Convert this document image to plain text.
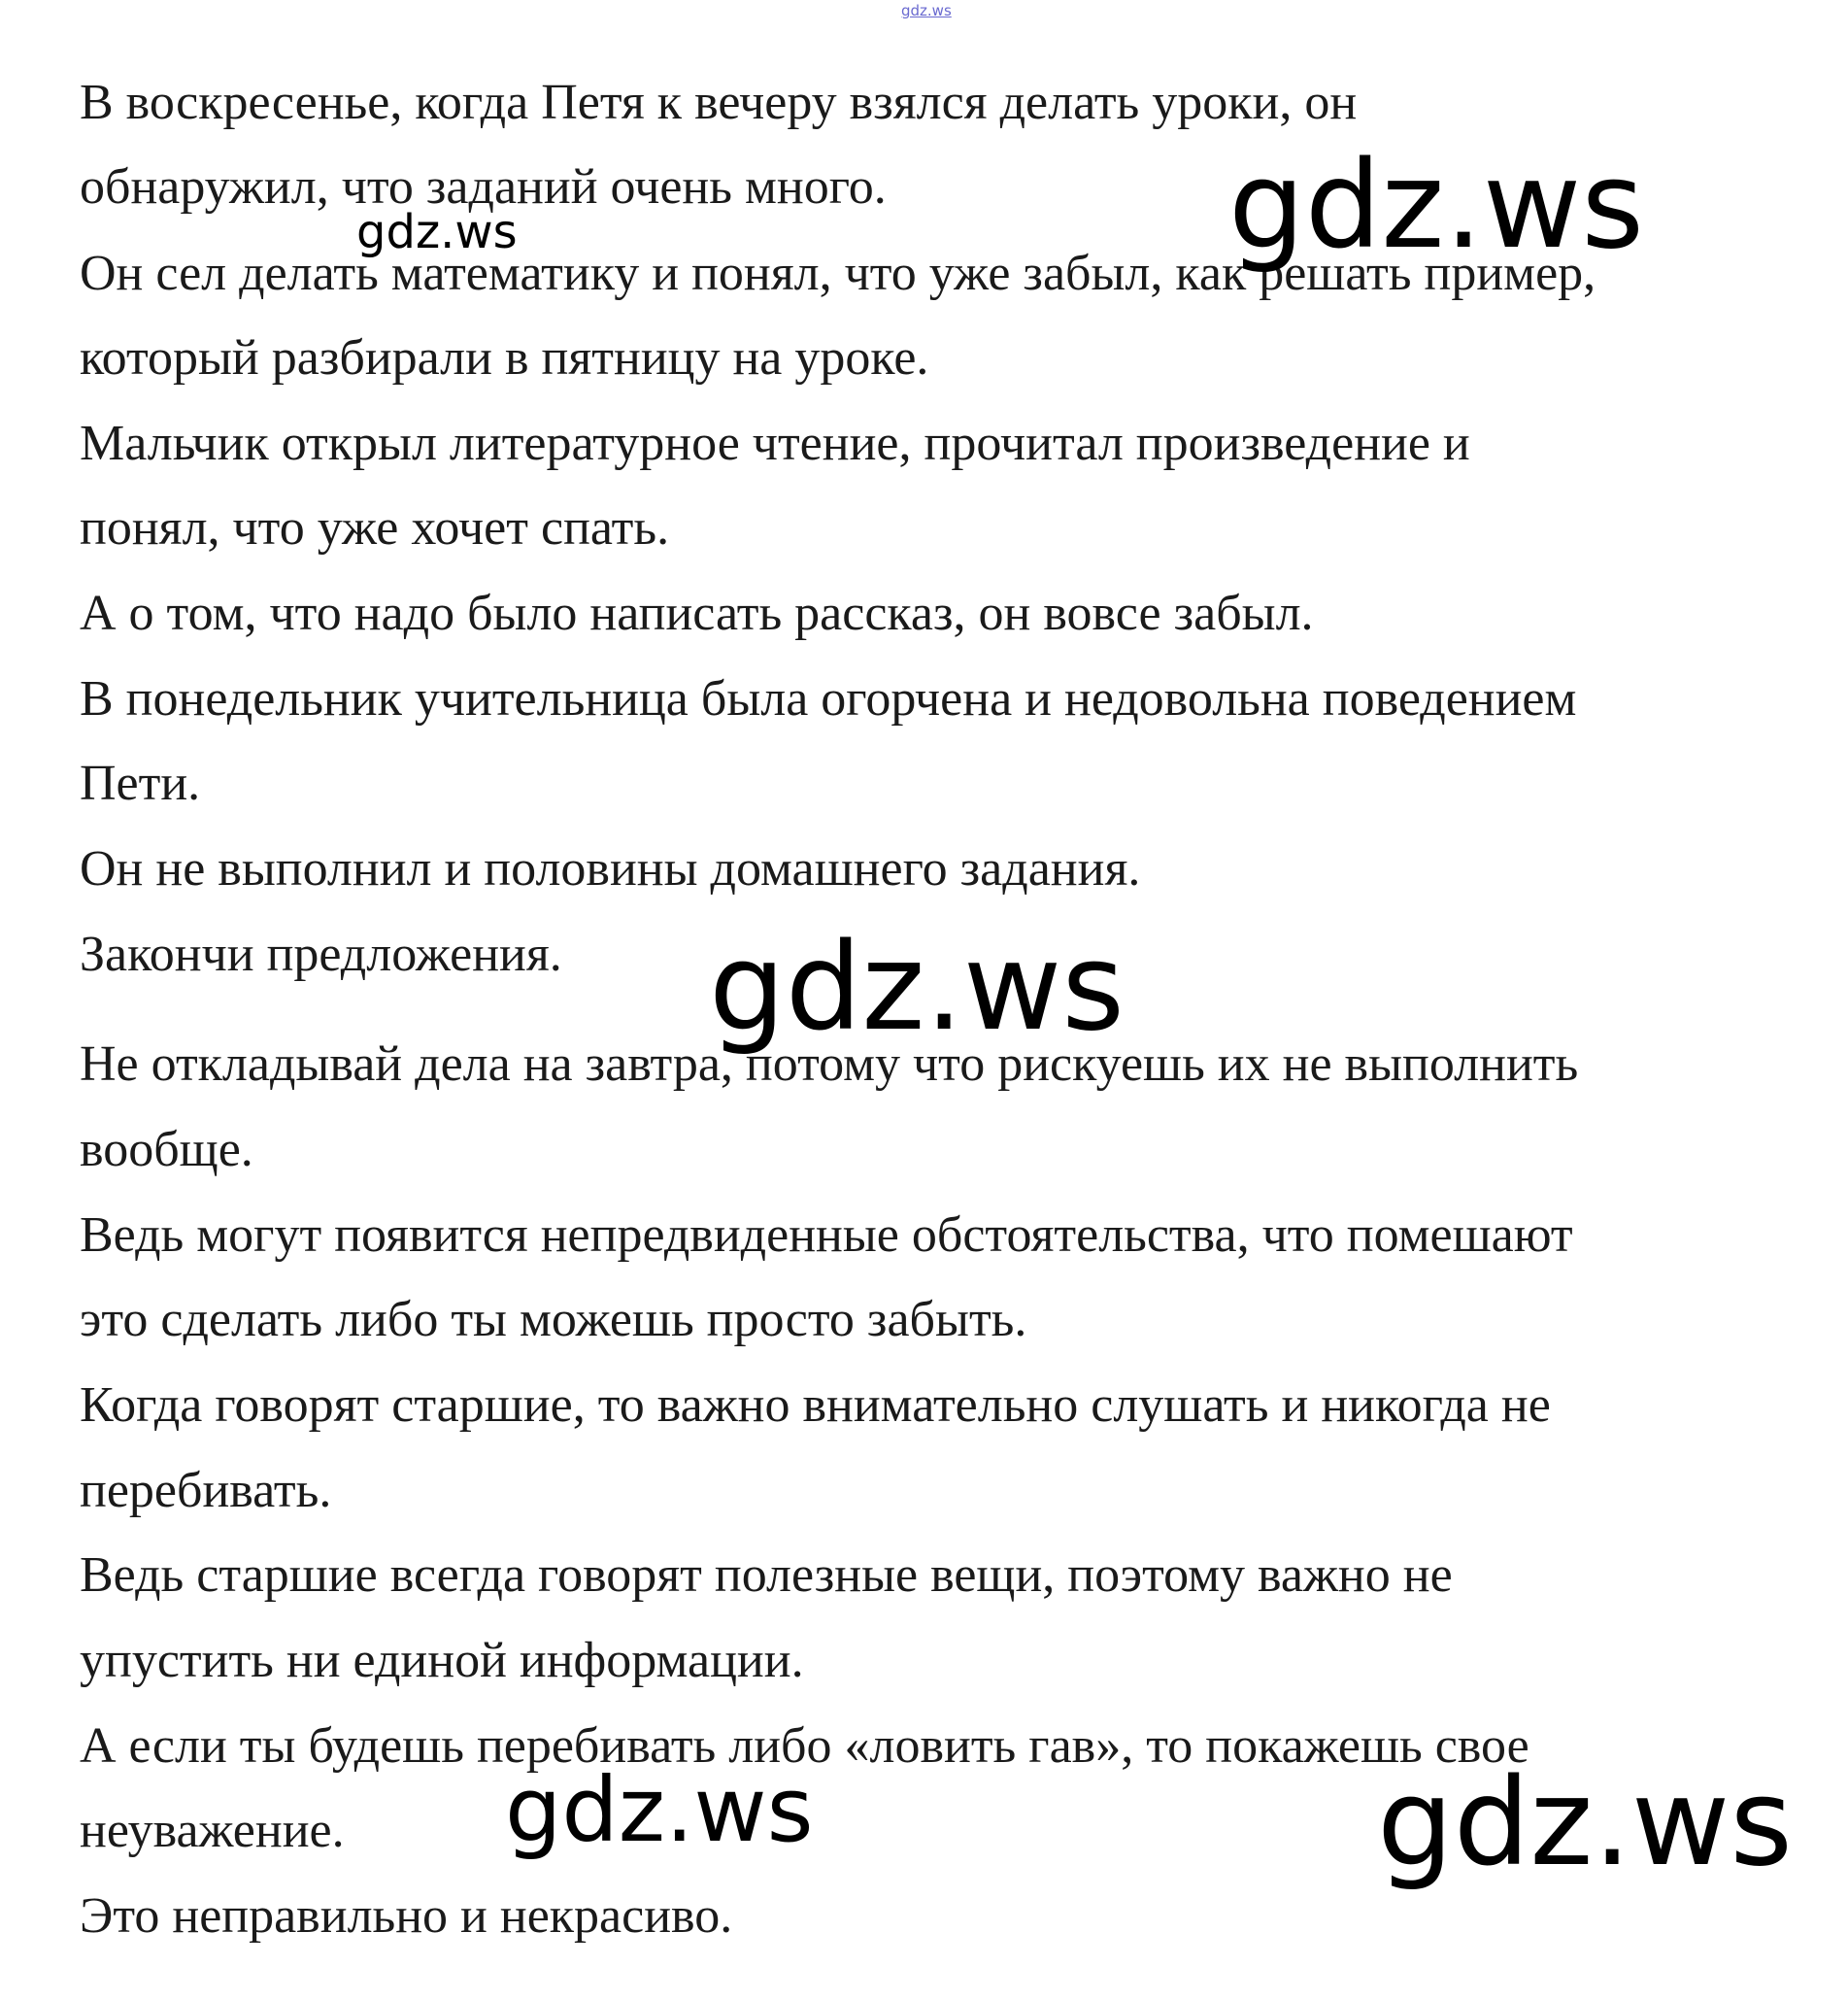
gdz.ws
В воскресенье, когда Петя к вечеру взялся делать уроки, он
обнаружил, что заданий очень много.
Он сел делать математику и понял, что уже забыл, как решать пример,
который разбирали в пятницу на уроке.
Мальчик открыл литературное чтение, прочитал произведение и
понял, что уже хочет спать.
А о том, что надо было написать рассказ, он вовсе забыл.
В понедельник учительница была огорчена и недовольна поведением
Пети.
Он не выполнил и половины домашнего задания.
Закончи предложения.
Не откладывай дела на завтра, потому что рискуешь их не выполнить
вообще.
Ведь могут появится непредвиденные обстоятельства, что помешают
это сделать либо ты можешь просто забыть.
Когда говорят старшие, то важно внимательно слушать и никогда не
перебивать.
Ведь старшие всегда говорят полезные вещи, поэтому важно не
упустить ни единой информации.
А если ты будешь перебивать либо «ловить гав», то покажешь свое
неуважение.
Это неправильно и некрасиво.
gdz.ws
gdz.ws
gdz.ws
gdz.ws	gdz.ws
